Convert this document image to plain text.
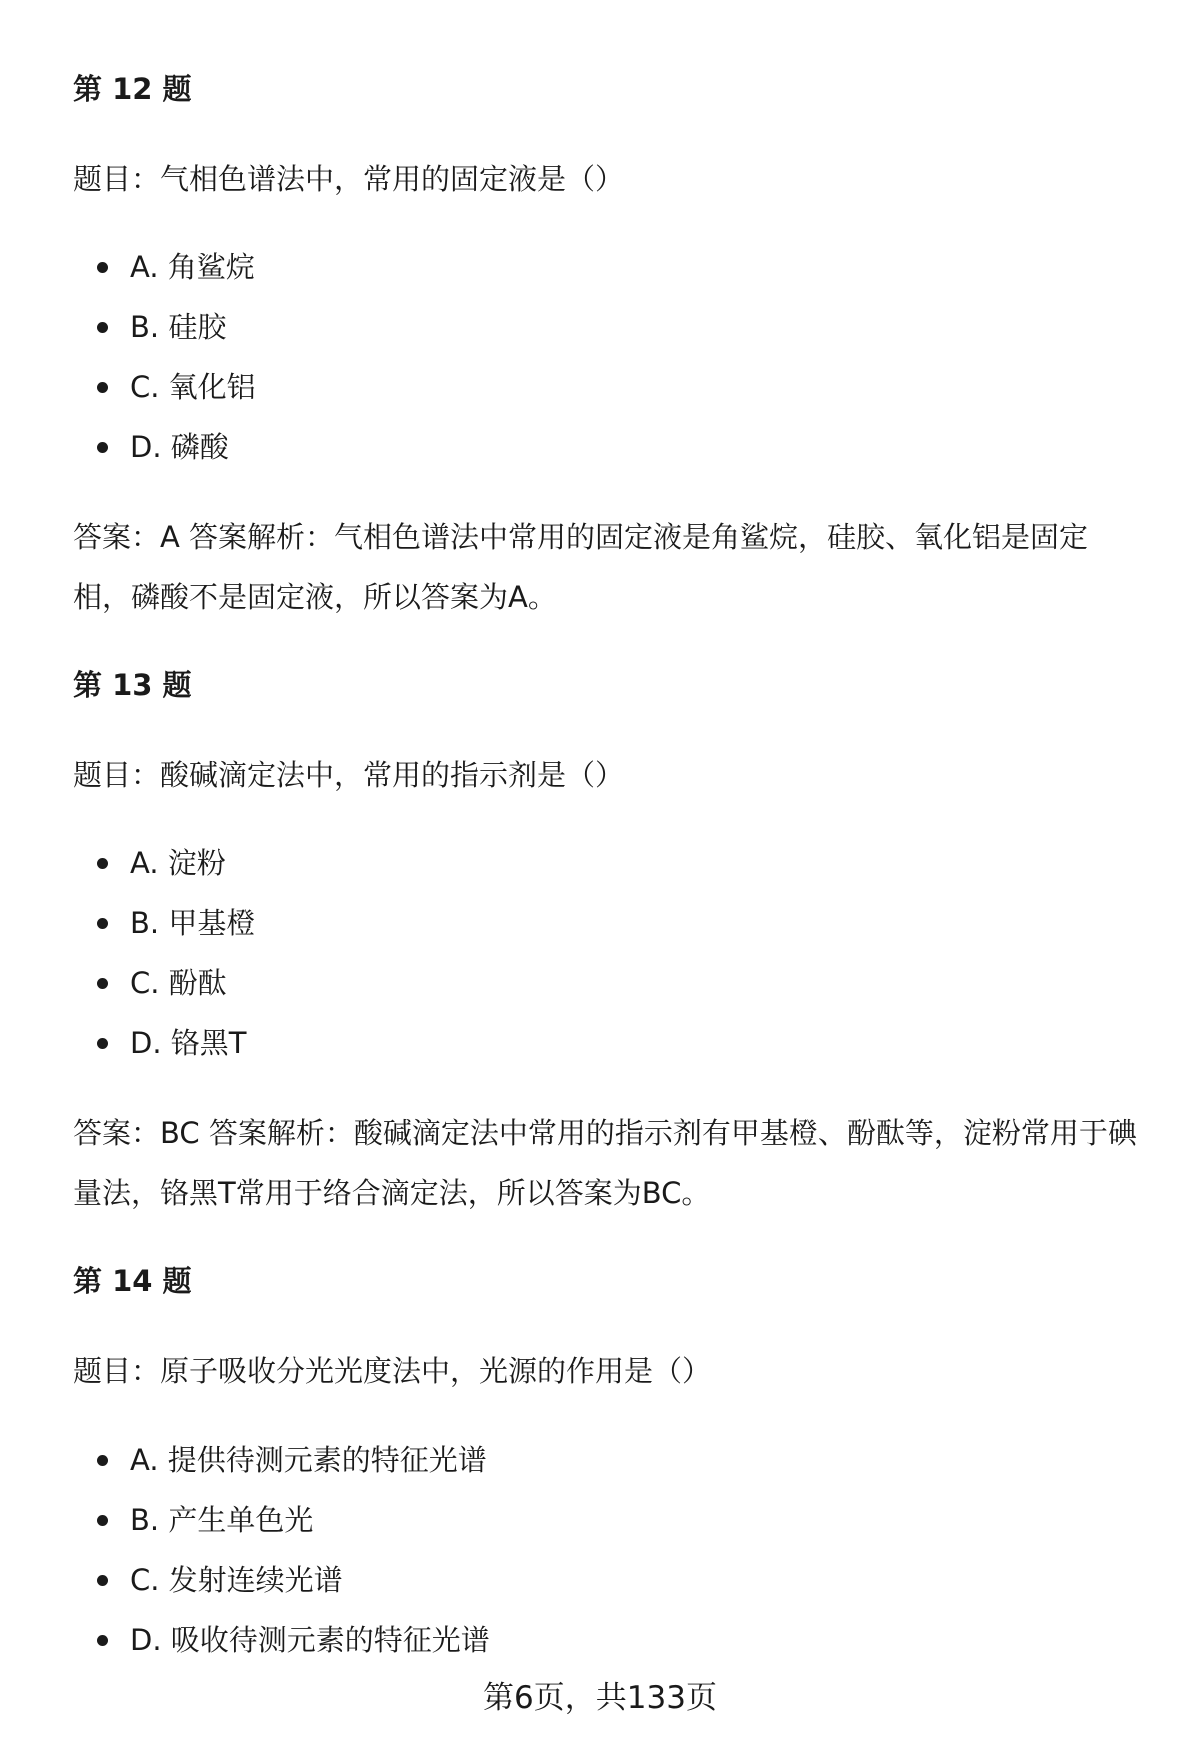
第 12 题
题目：气相色谱法中，常用的固定液是（）
A. 角鲨烷
B. 硅胶
C. 氧化铝
D. 磷酸
答案：A 答案解析：气相色谱法中常用的固定液是角鲨烷，硅胶、氧化铝是固定相，磷酸不是固定液，所以答案为A。
第 13 题
题目：酸碱滴定法中，常用的指示剂是（）
A. 淀粉
B. 甲基橙
C. 酚酞
D. 铬黑T
答案：BC 答案解析：酸碱滴定法中常用的指示剂有甲基橙、酚酞等，淀粉常用于碘量法，铬黑T常用于络合滴定法，所以答案为BC。
第 14 题
题目：原子吸收分光光度法中，光源的作用是（）
A. 提供待测元素的特征光谱
B. 产生单色光
C. 发射连续光谱
D. 吸收待测元素的特征光谱
第6页，共133页
